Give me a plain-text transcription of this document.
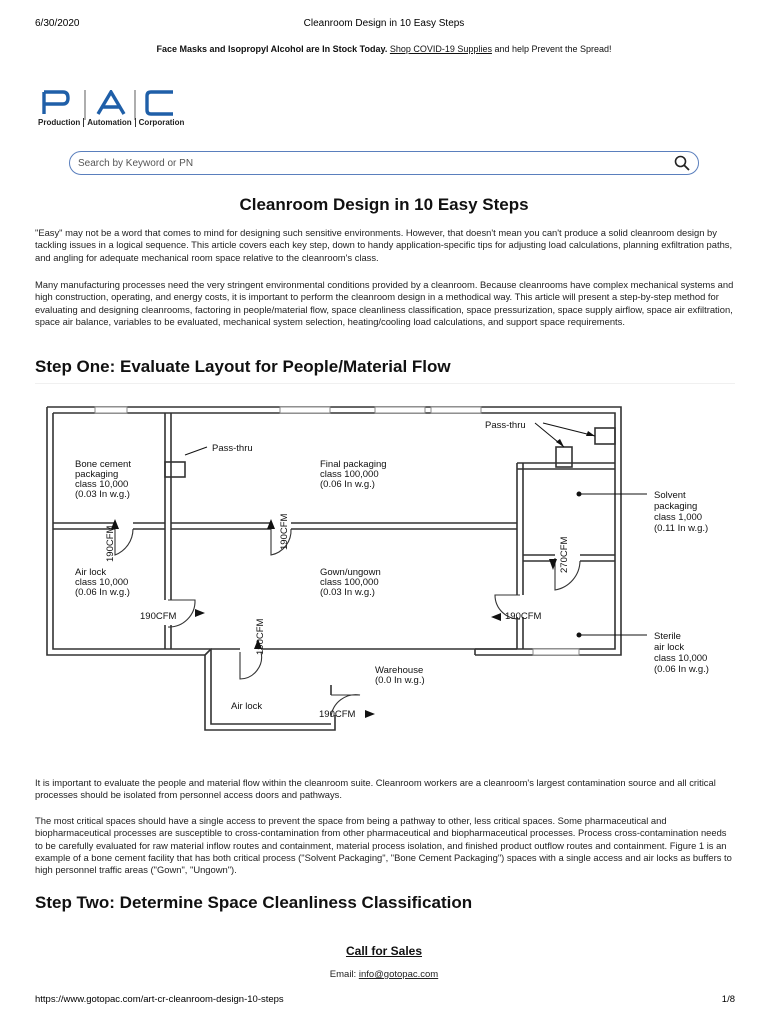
6/30/2020	Cleanroom Design in 10 Easy Steps
Face Masks and Isopropyl Alcohol are In Stock Today. Shop COVID-19 Supplies and help Prevent the Spread!
Production Automation Corporation
Search by Keyword or PN
Cleanroom Design in 10 Easy Steps

"Easy" may not be a word that comes to mind for designing such sensitive environments. However, that doesn't mean you can't produce a solid cleanroom design by tackling issues in a logical sequence. This article covers each key step, down to handy application-specific tips for adjusting load calculations, planning exfiltration paths, and angling for adequate mechanical room space relative to the cleanroom's class.

Many manufacturing processes need the very stringent environmental conditions provided by a cleanroom. Because cleanrooms have complex mechanical systems and high construction, operating, and energy costs, it is important to perform the cleanroom design in a methodical way. This article will present a step-by-step method for evaluating and designing cleanrooms, factoring in people/material flow, space cleanliness classification, space pressurization, space supply airflow, space air exfiltration, space air balance, variables to be evaluated, mechanical system selection, heating/cooling load calculations, and support space requirements.

Step One: Evaluate Layout for People/Material Flow
Pass-thru
Pass-thru
Bone cement
packaging
class 10,000
(0.03 In w.g.)
Final packaging
class 100,000
(0.06 In w.g.)
Solvent
packaging
class 1,000
(0.11 In w.g.)
Air lock
class 10,000
(0.06 In w.g.)
Gown/ungown
class 100,000
(0.03 In w.g.)
Sterile
air lock
class 10,000
(0.06 In w.g.)
Warehouse
(0.0 In w.g.)
Air lock
190CFM	190CFM
190CFM
190CFM	190CFM
190CFM
270CFM

It is important to evaluate the people and material flow within the cleanroom suite. Cleanroom workers are a cleanroom's largest contamination source and all critical processes should be isolated from personnel access doors and pathways.

The most critical spaces should have a single access to prevent the space from being a pathway to other, less critical spaces. Some pharmaceutical and biopharmaceutical processes are susceptible to cross-contamination from other pharmaceutical and biopharmaceutical processes. Process cross-contamination needs to be carefully evaluated for raw material inflow routes and containment, material process isolation, and finished product outflow routes and containment. Figure 1 is an example of a bone cement facility that has both critical process ("Solvent Packaging", "Bone Cement Packaging") spaces with a single access and air locks as buffers to high personnel traffic areas ("Gown", "Ungown").

Step Two: Determine Space Cleanliness Classification
Call for Sales
Email: info@gotopac.com
https://www.gotopac.com/art-cr-cleanroom-design-10-steps	1/8
